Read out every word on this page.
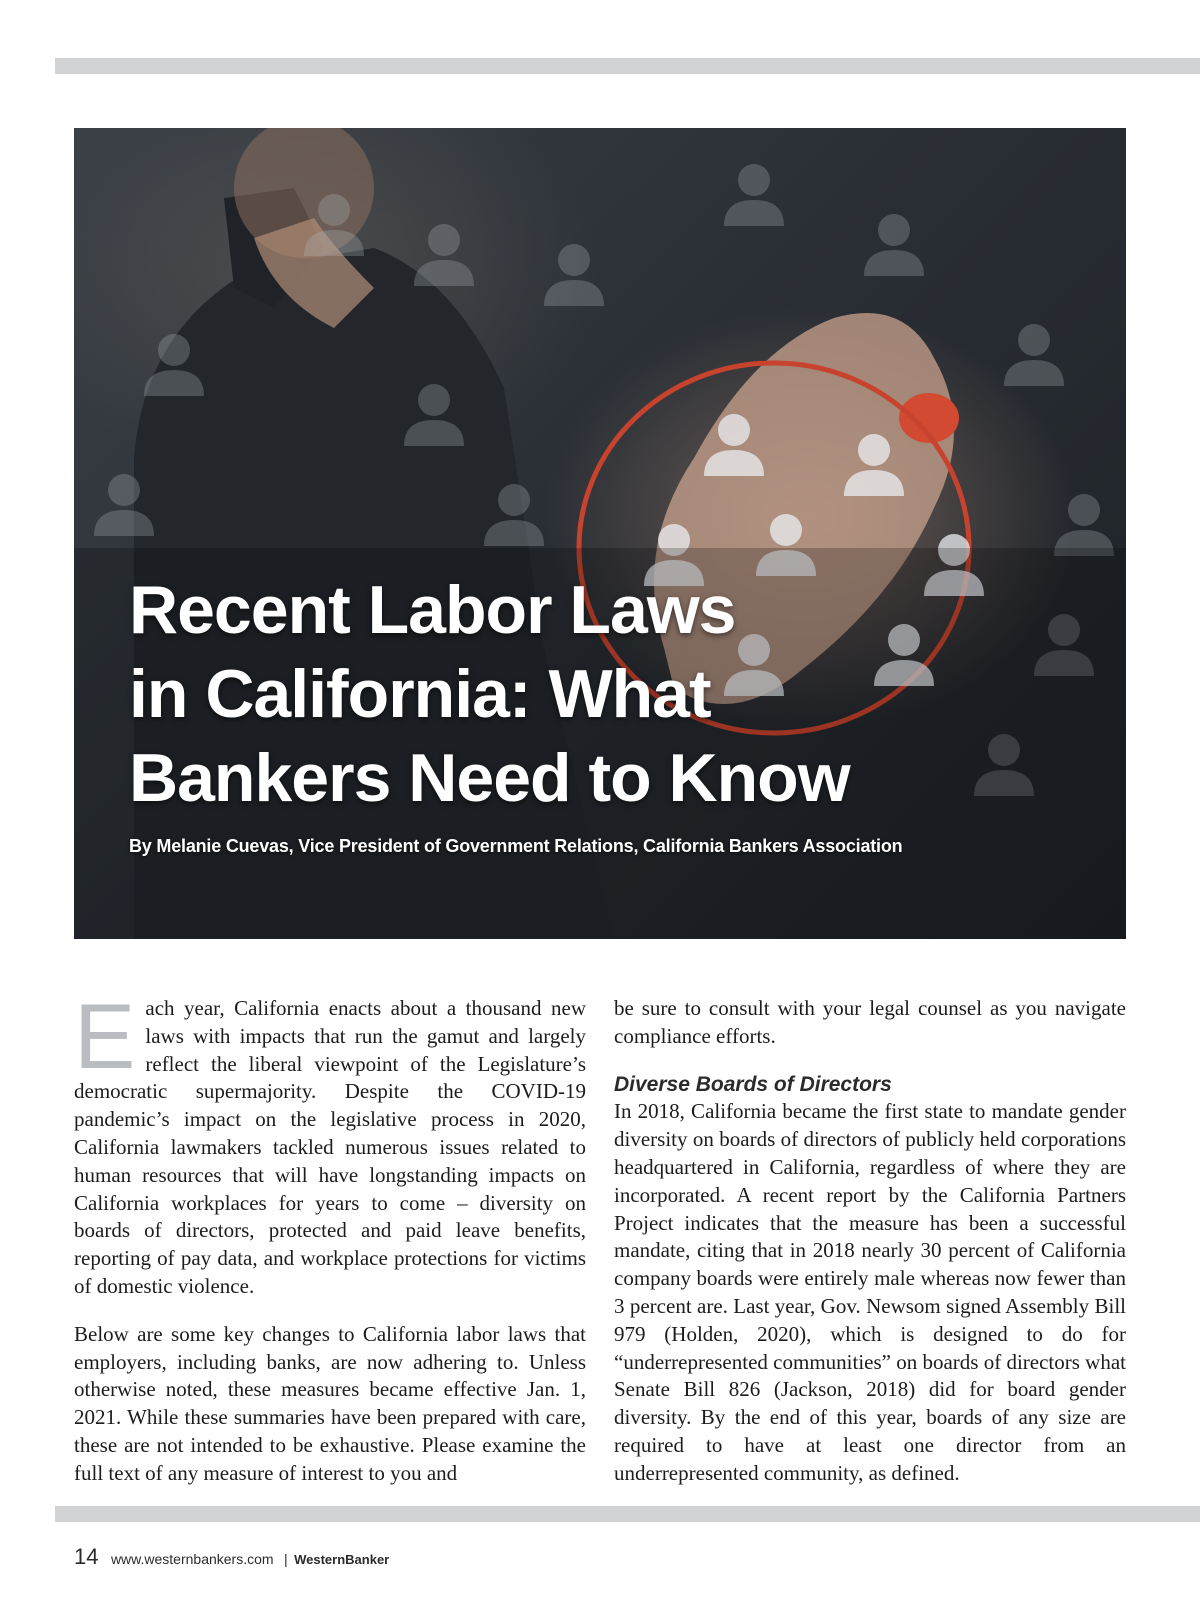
Recent Labor Laws
in California: What
Bankers Need to Know
By Melanie Cuevas, Vice President of Government Relations, California Bankers Association

Each year, California enacts about a thousand new laws with impacts that run the gamut and largely reflect the liberal viewpoint of the Legislature’s democratic supermajority. Despite the COVID-19 pandemic’s impact on the legislative process in 2020, California lawmakers tackled numerous issues related to human resources that will have longstanding impacts on California workplaces for years to come – diversity on boards of directors, protected and paid leave benefits, reporting of pay data, and workplace protections for victims of domestic violence.

Below are some key changes to California labor laws that employers, including banks, are now adhering to. Unless otherwise noted, these measures became effective Jan. 1, 2021. While these summaries have been prepared with care, these are not intended to be exhaustive. Please examine the full text of any measure of interest to you and

be sure to consult with your legal counsel as you navigate compliance efforts.

Diverse Boards of Directors

In 2018, California became the first state to mandate gender diversity on boards of directors of publicly held corporations headquartered in California, regardless of where they are incorporated. A recent report by the California Partners Project indicates that the measure has been a successful mandate, citing that in 2018 nearly 30 percent of California company boards were entirely male whereas now fewer than 3 percent are. Last year, Gov. Newsom signed Assembly Bill 979 (Holden, 2020), which is designed to do for “underrepresented communities” on boards of directors what Senate Bill 826 (Jackson, 2018) did for board gender diversity. By the end of this year, boards of any size are required to have at least one director from an underrepresented community, as defined.

14 www.westernbankers.com | WesternBanker
